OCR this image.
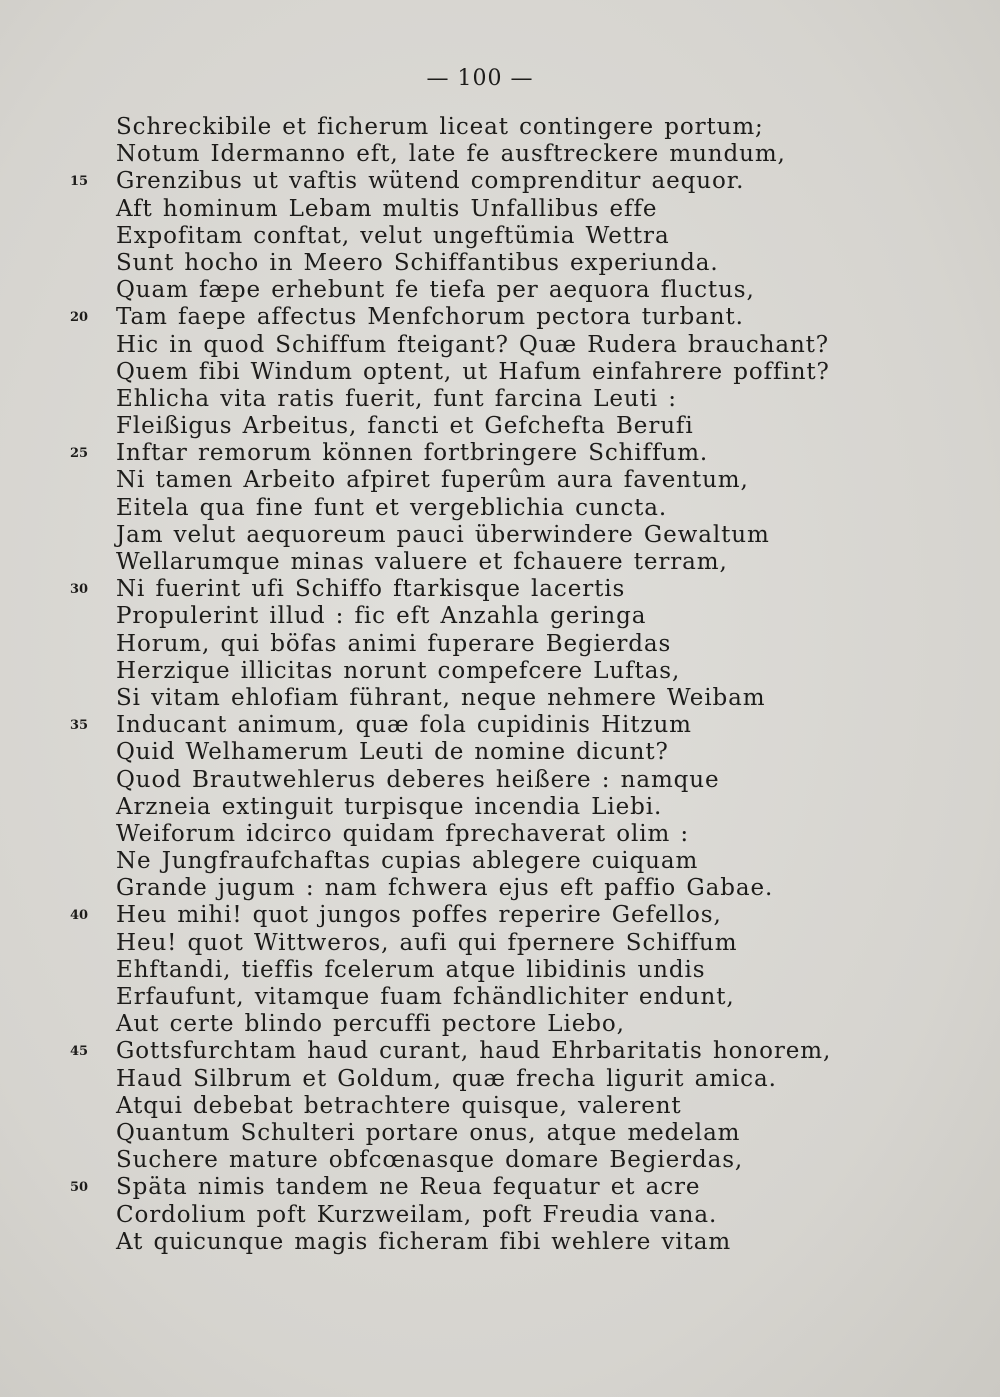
— 100 —
Schreckibile et ficherum liceat contingere portum;
Notum Idermanno eft, late fe ausftreckere mundum,
15	Grenzibus ut vaftis wütend comprenditur aequor.
Aft hominum Lebam multis Unfallibus effe
Expofitam conftat, velut ungeftümia Wettra
Sunt hocho in Meero Schiffantibus experiunda.
Quam fæpe erhebunt fe tiefa per aequora fluctus,
20	Tam faepe affectus Menfchorum pectora turbant.
Hic in quod Schiffum fteigant? Quæ Rudera brauchant?
Quem fibi Windum optent, ut Hafum einfahrere poffint?
Ehlicha vita ratis fuerit, funt farcina Leuti :
Fleißigus Arbeitus, fancti et Gefchefta Berufi
25	Inftar remorum können fortbringere Schiffum.
Ni tamen Arbeito afpiret fuperûm aura faventum,
Eitela qua fine funt et vergeblichia cuncta.
Jam velut aequoreum pauci überwindere Gewaltum
Wellarumque minas valuere et fchauere terram,
30	Ni fuerint ufi Schiffo ftarkisque lacertis
Propulerint illud : fic eft Anzahla geringa
Horum, qui böfas animi fuperare Begierdas
Herzique illicitas norunt compefcere Luftas,
Si vitam ehlofiam führant, neque nehmere Weibam
35	Inducant animum, quæ fola cupidinis Hitzum
Quid Welhamerum Leuti de nomine dicunt?
Quod Brautwehlerus deberes heißere : namque
Arzneia extinguit turpisque incendia Liebi.
Weiforum idcirco quidam fprechaverat olim :
Ne Jungfraufchaftas cupias ablegere cuiquam
Grande jugum : nam fchwera ejus eft paffio Gabae.
40	Heu mihi! quot jungos poffes reperire Gefellos,
Heu! quot Wittweros, aufi qui fpernere Schiffum
Ehftandi, tieffis fcelerum atque libidinis undis
Erfaufunt, vitamque fuam fchändlichiter endunt,
Aut certe blindo percuffi pectore Liebo,
45	Gottsfurchtam haud curant, haud Ehrbaritatis honorem,
Haud Silbrum et Goldum, quæ frecha ligurit amica.
Atqui debebat betrachtere quisque, valerent
Quantum Schulteri portare onus, atque medelam
Suchere mature obfcœnasque domare Begierdas,
50	Späta nimis tandem ne Reua fequatur et acre
Cordolium poft Kurzweilam, poft Freudia vana.
At quicunque magis ficheram fibi wehlere vitam
